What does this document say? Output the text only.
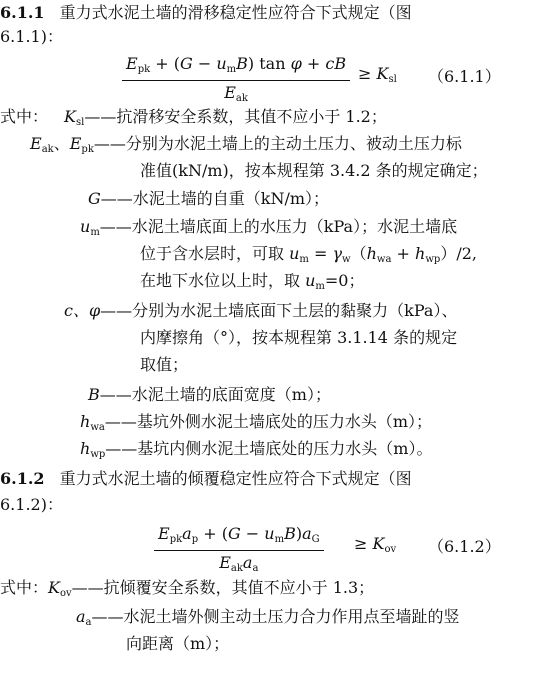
6.1.1 重力式水泥土墙的滑移稳定性应符合下式规定（图
6.1.1)：
$E_{pk} + (G - u_mB)$ tan φ + cB
$E_{ak}$
≥ $K_{sl}$ （6.1.1）
式中： $K_{sl}——$抗滑移安全系数，其值不应小于 1.2；
$E_{ak}$、$E_{pk}——$分别为水泥土墙上的主动土压力、被动土压力标
准值(kN/m)，按本规程第 3.4.2 条的规定确定；
G——水泥土墙的自重（kN/m）；
$u_m——$水泥土墙底面上的水压力（kPa）；水泥土墙底
位于含水层时，可取 $u_m = \gamma_w(h_{wa} + h_{wp})/2$,
在地下水位以上时，取 $u_m=0$；
c、φ——分别为水泥土墙底面下土层的黏聚力（kPa）、
内摩擦角（°），按本规程第 3.1.14 条的规定
取值；
B——水泥土墙的底面宽度（m）；
$h_{wa}——$基坑外侧水泥土墙底处的压力水头（m）；
$h_{wp}——$基坑内侧水泥土墙底处的压力水头（m）。
6.1.2 重力式水泥土墙的倾覆稳定性应符合下式规定（图
6.1.2)：
$E_{pk}a_p + (G - u_mB)a_G$
$E_{ak}a_a$
≥ $K_{ov}$ （6.1.2）
式中：$K_{ov}——$抗倾覆安全系数，其值不应小于 1.3；
$a_a——$水泥土墙外侧主动土压力合力作用点至墙趾的竖
向距离（m）；
